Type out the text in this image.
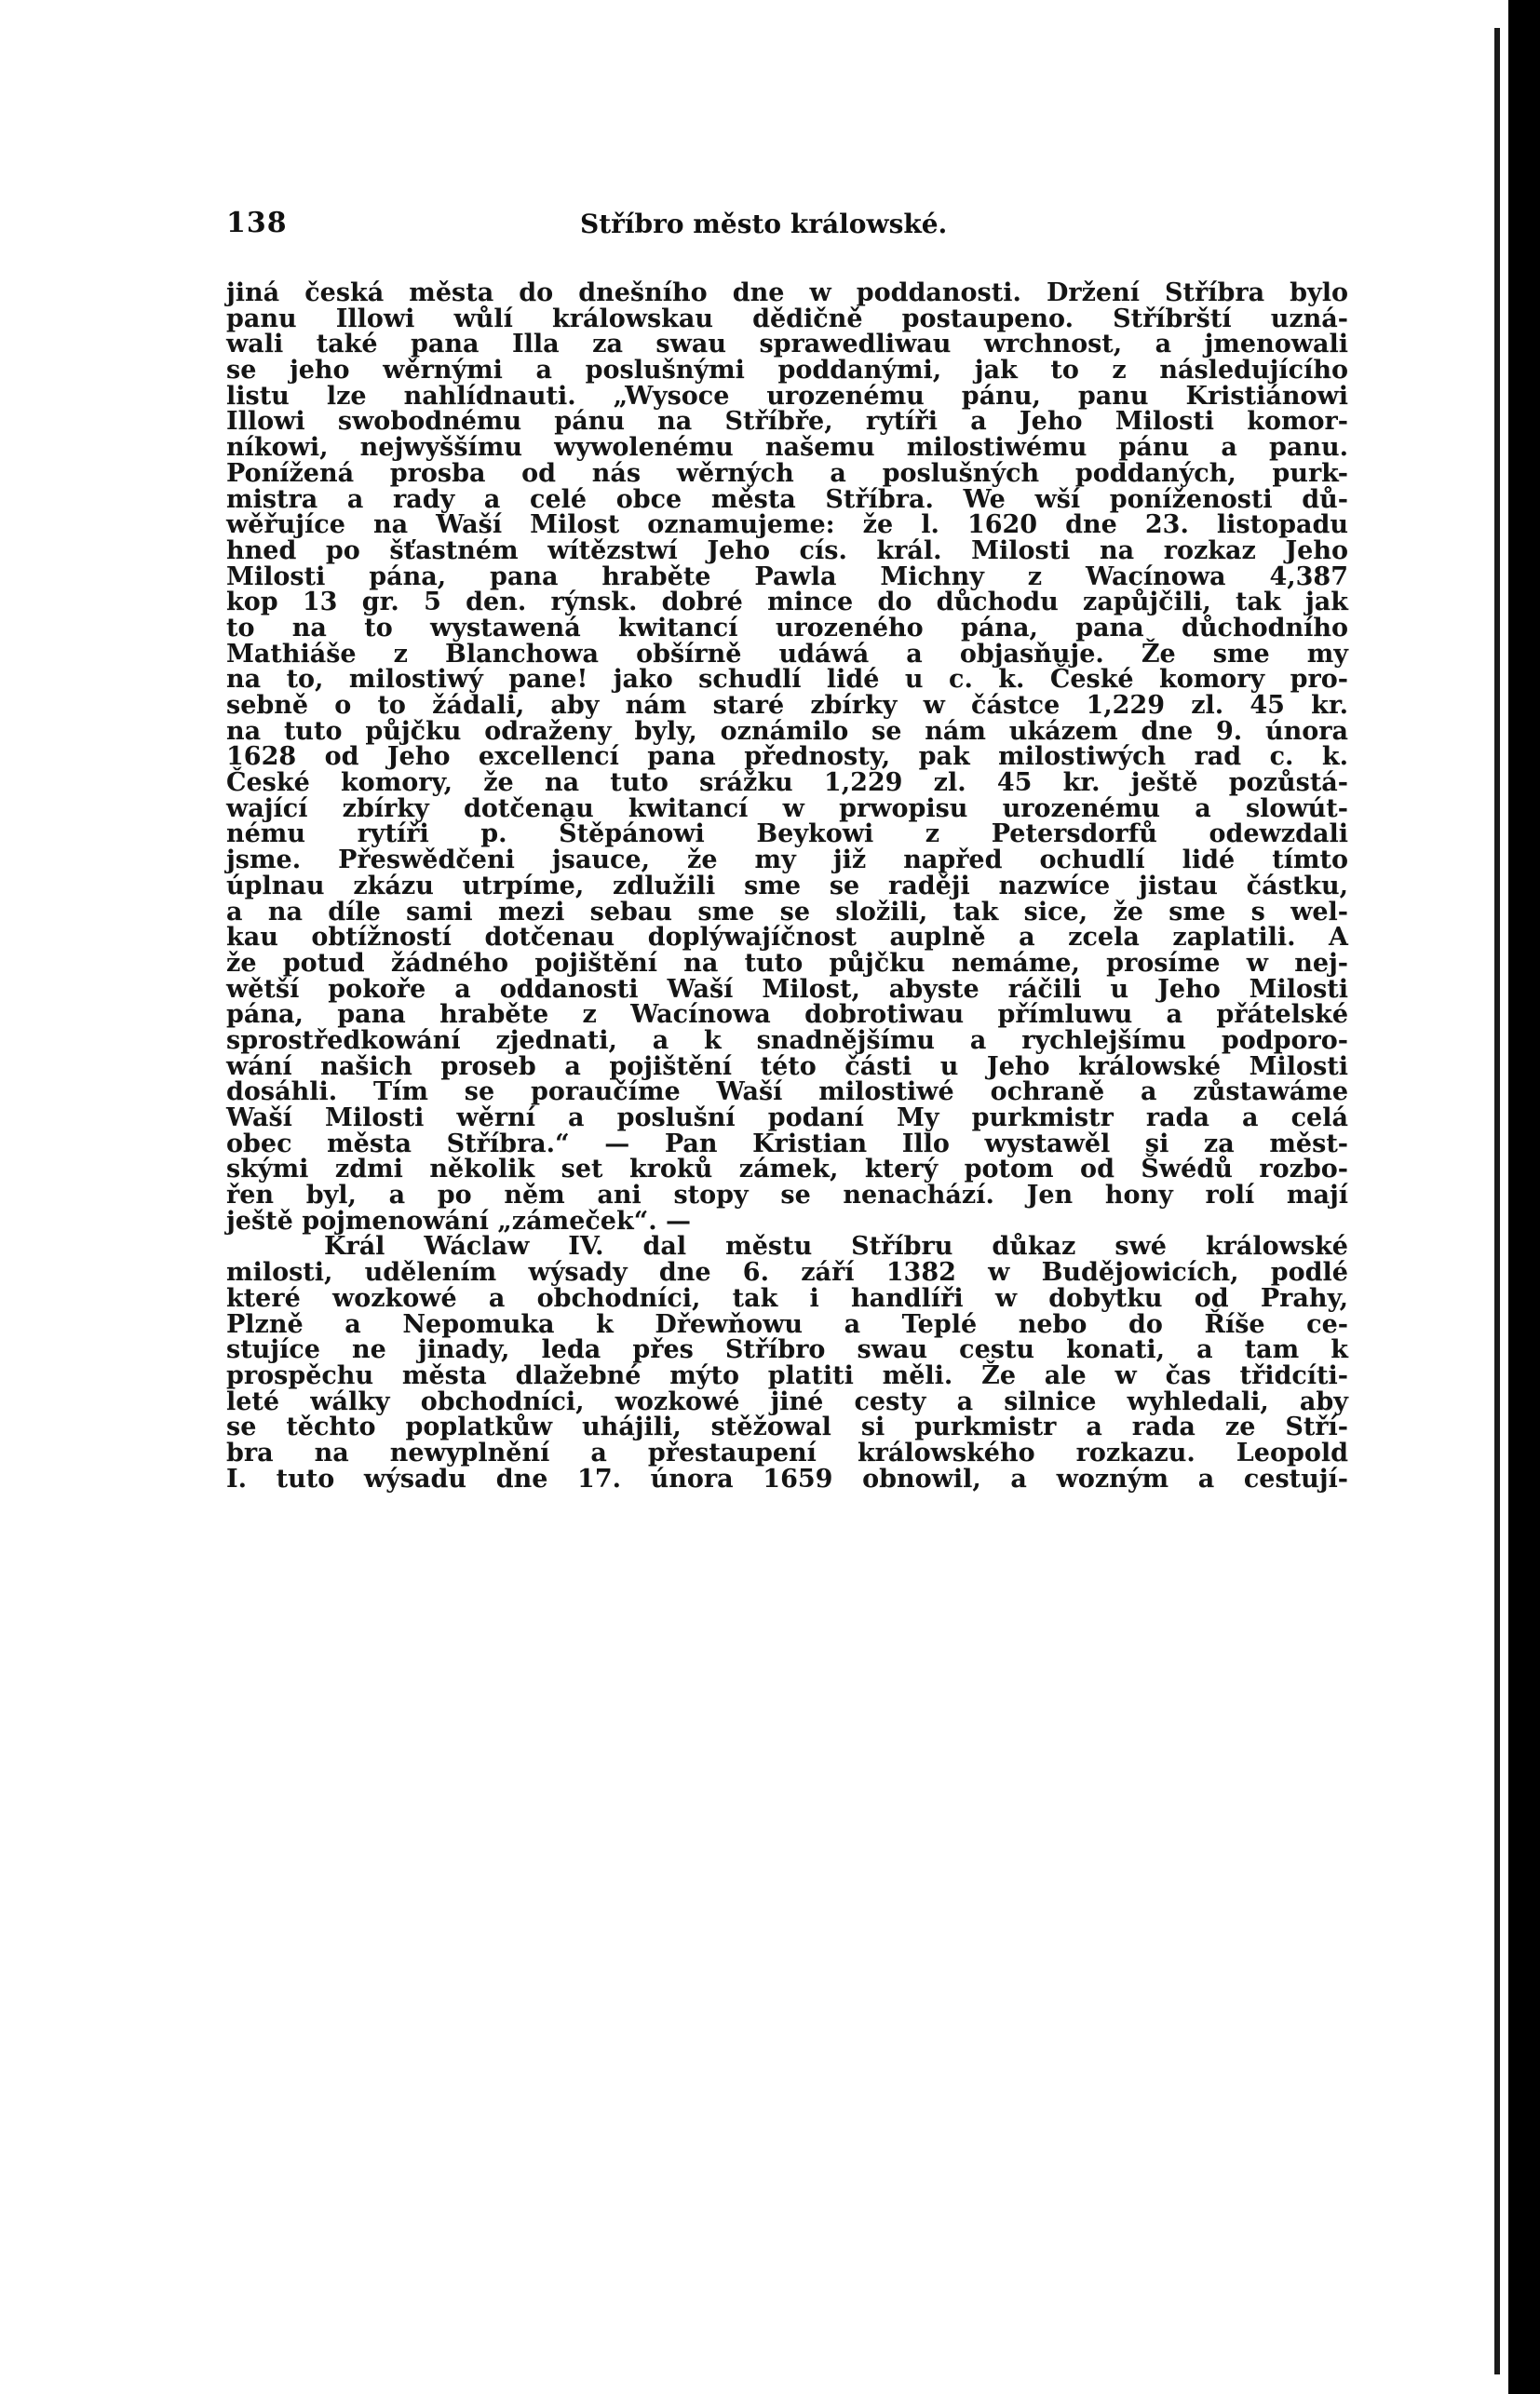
138	Stříbro město králowské.
jiná česká města do dnešního dne w poddanosti. Držení Stříbra bylo
panu Illowi wůlí králowskau dědičně postaupeno. Stříbrští uzná-
wali také pana Illa za swau sprawedliwau wrchnost, a jmenowali
se jeho wěrnými a poslušnými poddanými, jak to z následujícího
listu lze nahlídnauti. „Wysoce urozenému pánu, panu Kristiánowi
Illowi swobodnému pánu na Stříbře, rytíři a Jeho Milosti komor-
níkowi, nejwyššímu wywolenému našemu milostiwému pánu a panu.
Ponížená prosba od nás wěrných a poslušných poddaných, purk-
mistra a rady a celé obce města Stříbra. We wší poníženosti dů-
wěřujíce na Waší Milost oznamujeme: že l. 1620 dne 23. listopadu
hned po šťastném wítězstwí Jeho cís. král. Milosti na rozkaz Jeho
Milosti pána, pana hraběte Pawla Michny z Wacínowa 4,387
kop 13 gr. 5 den. rýnsk. dobré mince do důchodu zapůjčili, tak jak
to na to wystawená kwitancí urozeného pána, pana důchodního
Mathiáše z Blanchowa obšírně udáwá a objasňuje. Že sme my
na to, milostiwý pane! jako schudlí lidé u c. k. České komory pro-
sebně o to žádali, aby nám staré zbírky w částce 1,229 zl. 45 kr.
na tuto půjčku odraženy byly, oznámilo se nám ukázem dne 9. února
1628 od Jeho excellencí pana přednosty, pak milostiwých rad c. k.
České komory, že na tuto srážku 1,229 zl. 45 kr. ještě pozůstá-
wající zbírky dotčenau kwitancí w prwopisu urozenému a slowút-
nému rytíři p. Štěpánowi Beykowi z Petersdorfů odewzdali
jsme. Přeswědčeni jsauce, že my již napřed ochudlí lidé tímto
úplnau zkázu utrpíme, zdlužili sme se raději nazwíce jistau částku,
a na díle sami mezi sebau sme se složili, tak sice, že sme s wel-
kau obtížností dotčenau doplýwajíčnost auplně a zcela zaplatili. A
že potud žádného pojištění na tuto půjčku nemáme, prosíme w nej-
wětší pokoře a oddanosti Waší Milost, abyste ráčili u Jeho Milosti
pána, pana hraběte z Wacínowa dobrotiwau přímluwu a přátelské
sprostředkowání zjednati, a k snadnějšímu a rychlejšímu podporo-
wání našich proseb a pojištění této části u Jeho králowské Milosti
dosáhli. Tím se poraučíme Waší milostiwé ochraně a zůstawáme
Waší Milosti wěrní a poslušní podaní My purkmistr rada a celá
obec města Stříbra.“ — Pan Kristian Illo wystawěl si za měst-
skými zdmi několik set kroků zámek, který potom od Šwédů rozbo-
řen byl, a po něm ani stopy se nenachází. Jen hony rolí mají
ještě pojmenowání „zámeček“. —
Král Wáclaw IV. dal městu Stříbru důkaz swé králowské
milosti, udělením wýsady dne 6. září 1382 w Budějowicích, podlé
které wozkowé a obchodníci, tak i handlíři w dobytku od Prahy,
Plzně a Nepomuka k Dřewňowu a Teplé nebo do Říše ce-
stujíce ne jinady, leda přes Stříbro swau cestu konati, a tam k
prospěchu města dlažebné mýto platiti měli. Že ale w čas třidcíti-
leté wálky obchodníci, wozkowé jiné cesty a silnice wyhledali, aby
se těchto poplatkůw uhájili, stěžowal si purkmistr a rada ze Stří-
bra na newyplnění a přestaupení králowského rozkazu. Leopold
I. tuto wýsadu dne 17. února 1659 obnowil, a wozným a cestují-
